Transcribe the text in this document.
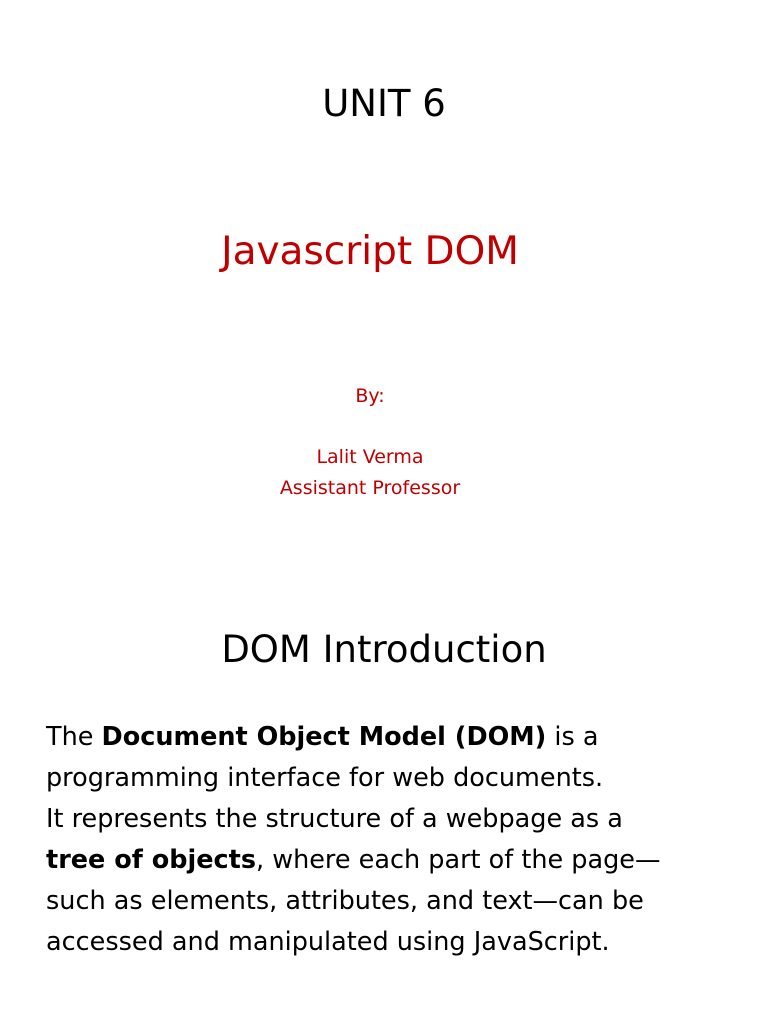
UNIT 6
Javascript DOM
By:
Lalit Verma
Assistant Professor
DOM Introduction
The Document Object Model (DOM) is a
programming interface for web documents.
It represents the structure of a webpage as a
tree of objects, where each part of the page—
such as elements, attributes, and text—can be
accessed and manipulated using JavaScript.
